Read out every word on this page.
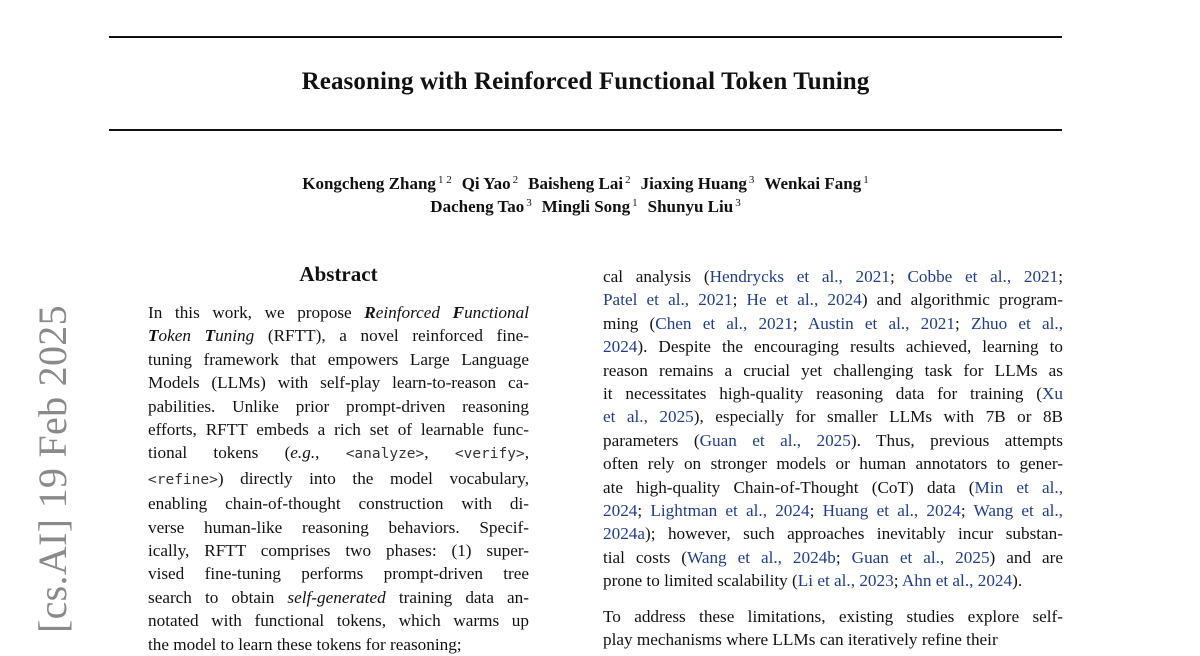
Reasoning with Reinforced Functional Token Tuning
Kongcheng Zhang $^{1 2}$ Qi Yao $^2$ Baisheng Lai $^2$ Jiaxing Huang $^3$ Wenkai Fang $^1$
Dacheng Tao $^3$ Mingli Song $^1$ Shunyu Liu $^3$
[cs.AI] 19 Feb 2025
Abstract
In this work, we propose Reinforced Functional
Token Tuning (RFTT), a novel reinforced fine-
tuning framework that empowers Large Language
Models (LLMs) with self-play learn-to-reason ca-
pabilities. Unlike prior prompt-driven reasoning
efforts, RFTT embeds a rich set of learnable func-
tional tokens (e.g., <analyze>, <verify>,
<refine>) directly into the model vocabulary,
enabling chain-of-thought construction with di-
verse human-like reasoning behaviors. Specif-
ically, RFTT comprises two phases: (1) super-
vised fine-tuning performs prompt-driven tree
search to obtain self-generated training data an-
notated with functional tokens, which warms up
the model to learn these tokens for reasoning;
cal analysis (Hendrycks et al., 2021; Cobbe et al., 2021;
Patel et al., 2021; He et al., 2024) and algorithmic program-
ming (Chen et al., 2021; Austin et al., 2021; Zhuo et al.,
2024). Despite the encouraging results achieved, learning to
reason remains a crucial yet challenging task for LLMs as
it necessitates high-quality reasoning data for training (Xu
et al., 2025), especially for smaller LLMs with 7B or 8B
parameters (Guan et al., 2025). Thus, previous attempts
often rely on stronger models or human annotators to gener-
ate high-quality Chain-of-Thought (CoT) data (Min et al.,
2024; Lightman et al., 2024; Huang et al., 2024; Wang et al.,
2024a); however, such approaches inevitably incur substan-
tial costs (Wang et al., 2024b; Guan et al., 2025) and are
prone to limited scalability (Li et al., 2023; Ahn et al., 2024).
To address these limitations, existing studies explore self-
play mechanisms where LLMs can iteratively refine their
